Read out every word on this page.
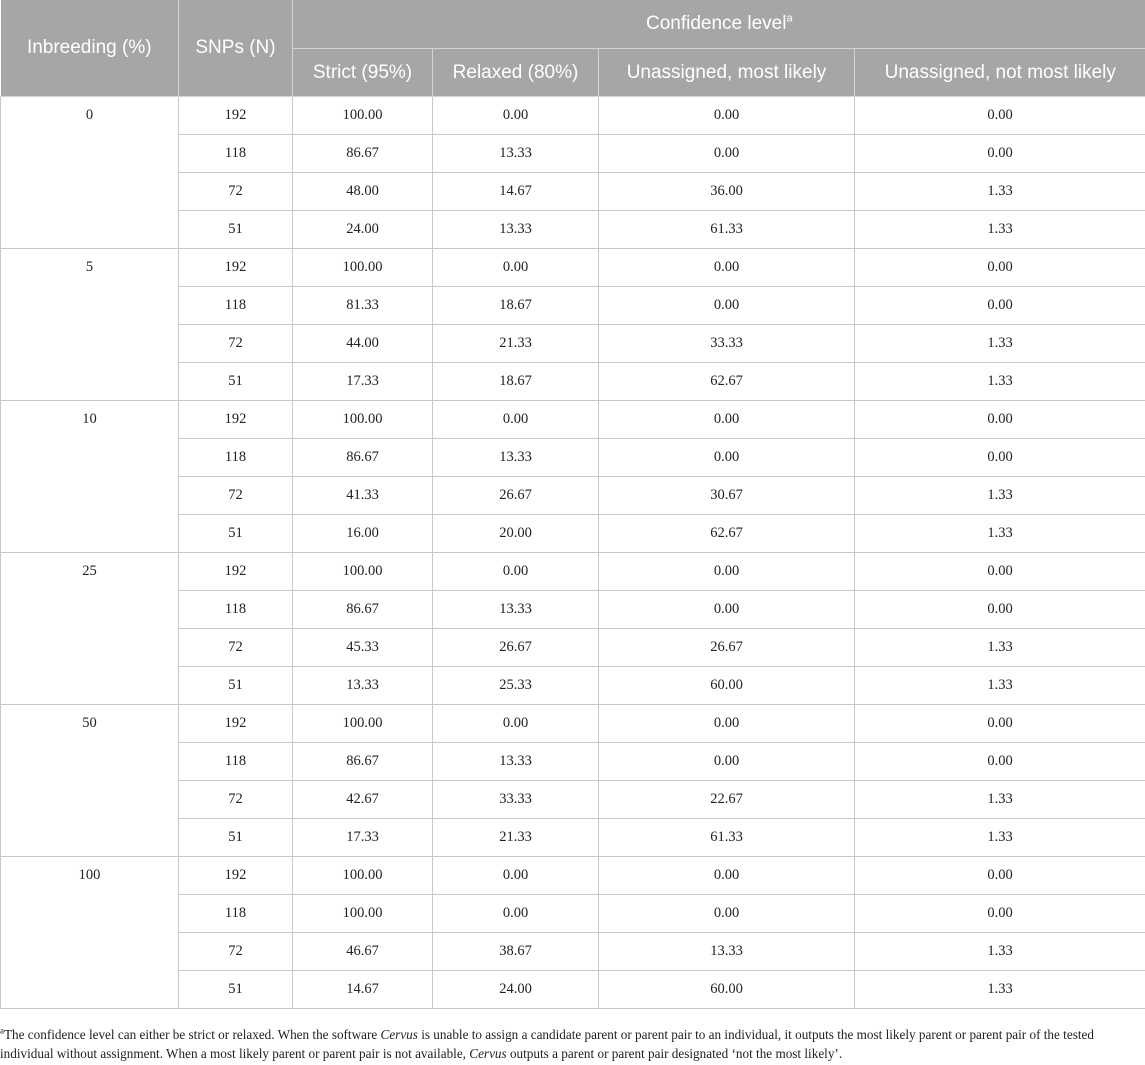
Inbreeding (%)	SNPs (N)	Confidence level$^a$
		Strict (95%)	Relaxed (80%)	Unassigned, most likely	Unassigned, not most likely
0	192	100.00	0.00	0.00	0.00
	118	86.67	13.33	0.00	0.00
	72	48.00	14.67	36.00	1.33
	51	24.00	13.33	61.33	1.33
5	192	100.00	0.00	0.00	0.00
	118	81.33	18.67	0.00	0.00
	72	44.00	21.33	33.33	1.33
	51	17.33	18.67	62.67	1.33
10	192	100.00	0.00	0.00	0.00
	118	86.67	13.33	0.00	0.00
	72	41.33	26.67	30.67	1.33
	51	16.00	20.00	62.67	1.33
25	192	100.00	0.00	0.00	0.00
	118	86.67	13.33	0.00	0.00
	72	45.33	26.67	26.67	1.33
	51	13.33	25.33	60.00	1.33
50	192	100.00	0.00	0.00	0.00
	118	86.67	13.33	0.00	0.00
	72	42.67	33.33	22.67	1.33
	51	17.33	21.33	61.33	1.33
100	192	100.00	0.00	0.00	0.00
	118	100.00	0.00	0.00	0.00
	72	46.67	38.67	13.33	1.33
	51	14.67	24.00	60.00	1.33
$^a$The confidence level can either be strict or relaxed. When the software Cervus is unable to assign a candidate parent or parent pair to an individual, it outputs the most likely parent or parent pair of the tested individual without assignment. When a most likely parent or parent pair is not available, Cervus outputs a parent or parent pair designated ‘not the most likely’.
